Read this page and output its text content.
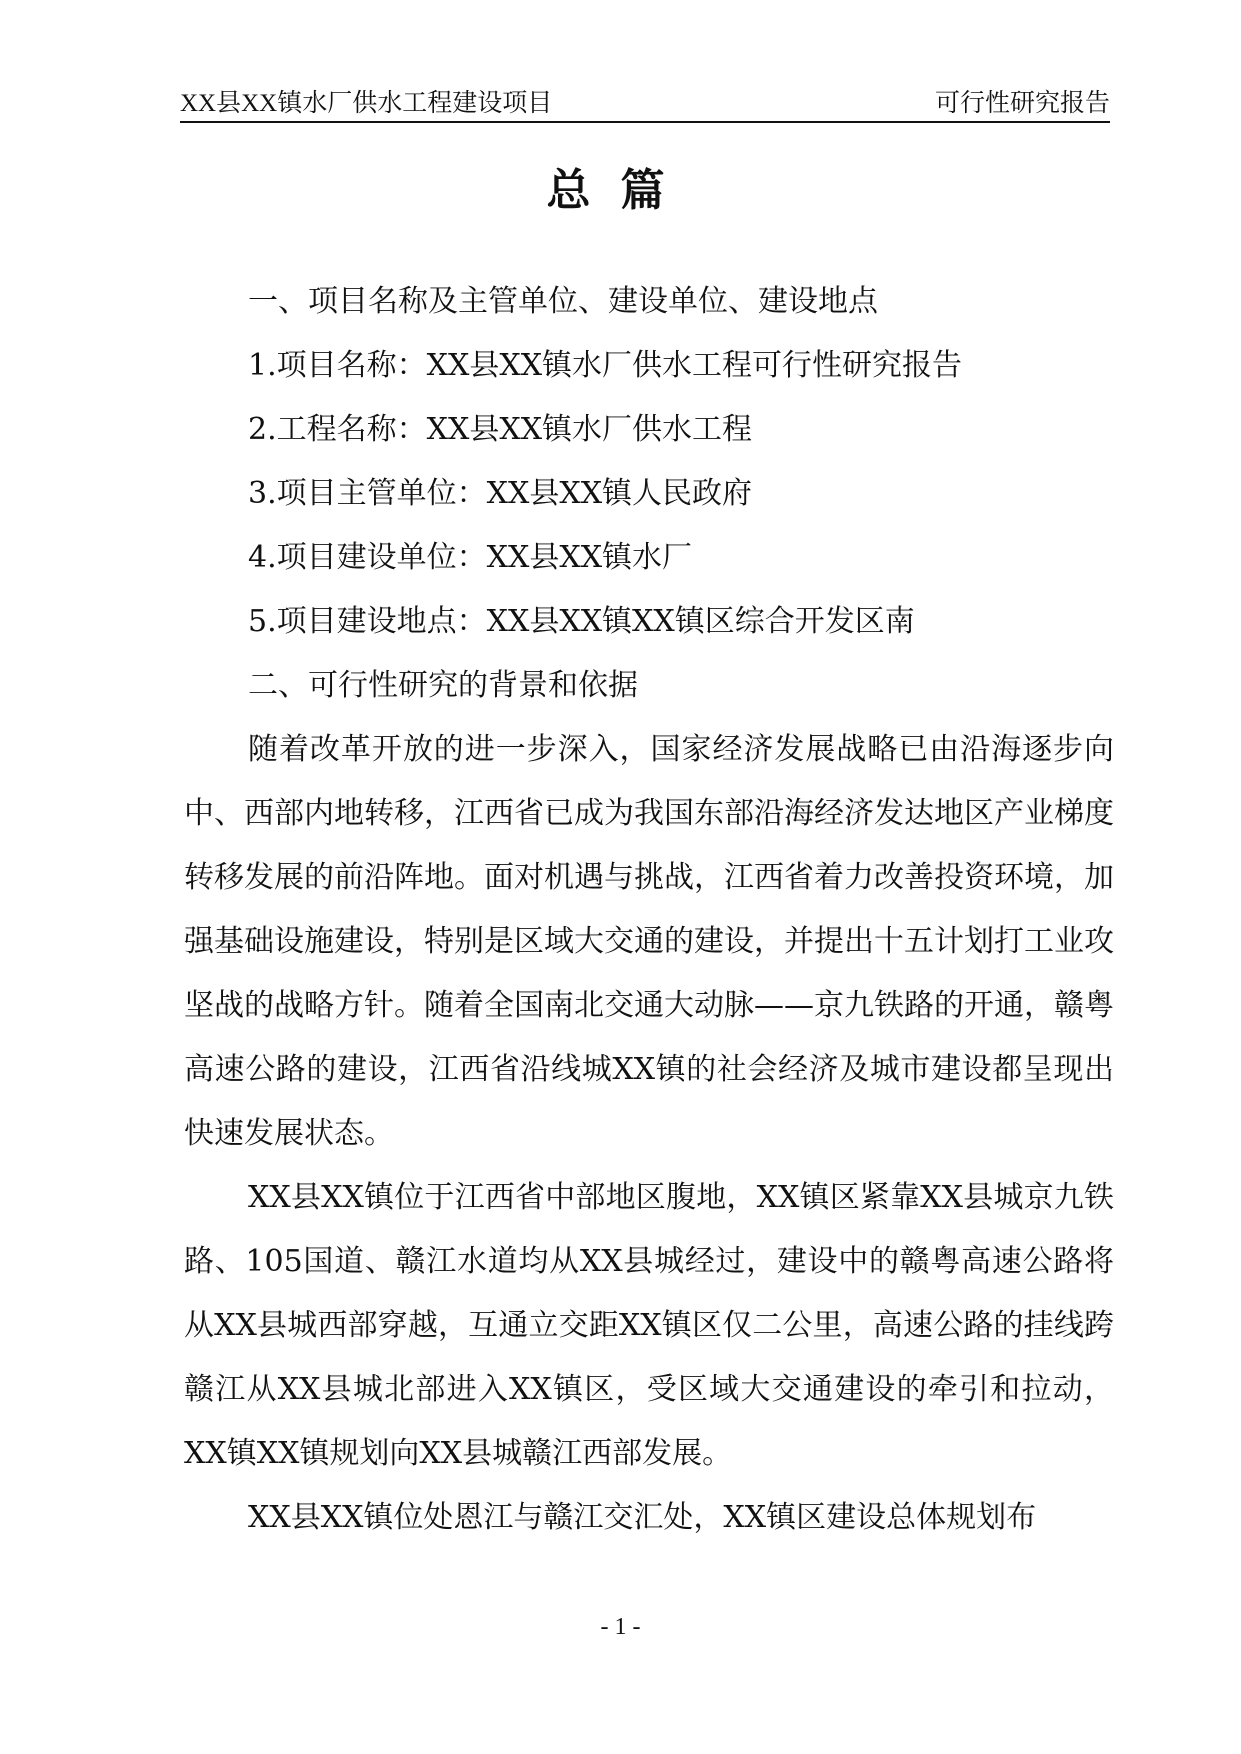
XX县XX镇水厂供水工程建设项目	可行性研究报告
总篇
一、项目名称及主管单位、建设单位、建设地点
1.项目名称：XX县XX镇水厂供水工程可行性研究报告
2.工程名称：XX县XX镇水厂供水工程
3.项目主管单位：XX县XX镇人民政府
4.项目建设单位：XX县XX镇水厂
5.项目建设地点：XX县XX镇XX镇区综合开发区南
二、可行性研究的背景和依据
随着改革开放的进一步深入，国家经济发展战略已由沿海逐步向中、西部内地转移，江西省已成为我国东部沿海经济发达地区产业梯度转移发展的前沿阵地。面对机遇与挑战，江西省着力改善投资环境，加强基础设施建设，特别是区域大交通的建设，并提出十五计划打工业攻坚战的战略方针。随着全国南北交通大动脉——京九铁路的开通，赣粤高速公路的建设，江西省沿线城XX镇的社会经济及城市建设都呈现出快速发展状态。
XX县XX镇位于江西省中部地区腹地，XX镇区紧靠XX县城京九铁路、105国道、赣江水道均从XX县城经过，建设中的赣粤高速公路将从XX县城西部穿越，互通立交距XX镇区仅二公里，高速公路的挂线跨赣江从XX县城北部进入XX镇区，受区域大交通建设的牵引和拉动，XX镇XX镇规划向XX县城赣江西部发展。
XX县XX镇位处恩江与赣江交汇处，XX镇区建设总体规划布
- 1 -
